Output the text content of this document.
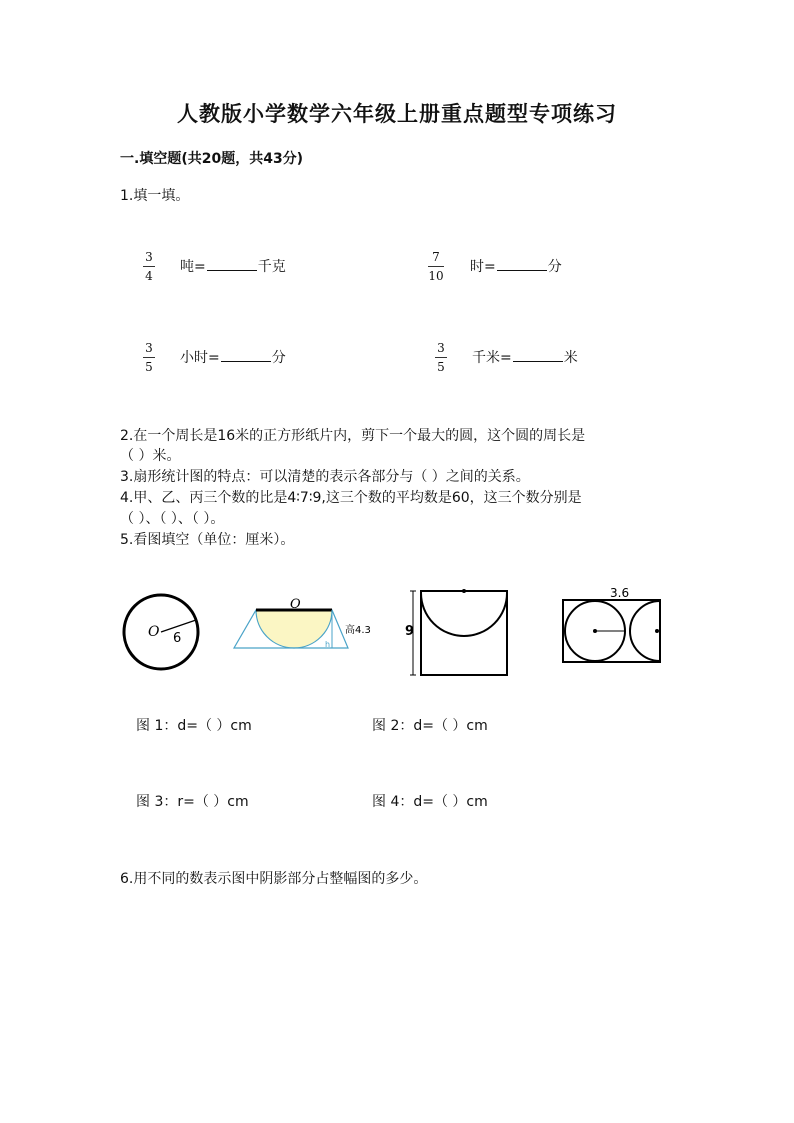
人教版小学数学六年级上册重点题型专项练习
一.填空题(共20题，共43分)
1.填一填。
3
4
吨=	千克
7
10
时=	分
3
5
小时=	分
3
5
千米=	米
2.在一个周长是16米的正方形纸片内，剪下一个最大的圆，这个圆的周长是
（ ）米。
3.扇形统计图的特点：可以清楚的表示各部分与（ ）之间的关系。
4.甲、乙、丙三个数的比是4∶7∶9,这三个数的平均数是60，这三个数分别是
（ ）、（ ）、（ ）。
5.看图填空（单位：厘米）。
O 6
O
h
高4.3	9
3.6
图 1：d=（ ）cm	图 2：d=（ ）cm
图 3：r=（ ）cm	图 4：d=（ ）cm
6.用不同的数表示图中阴影部分占整幅图的多少。
